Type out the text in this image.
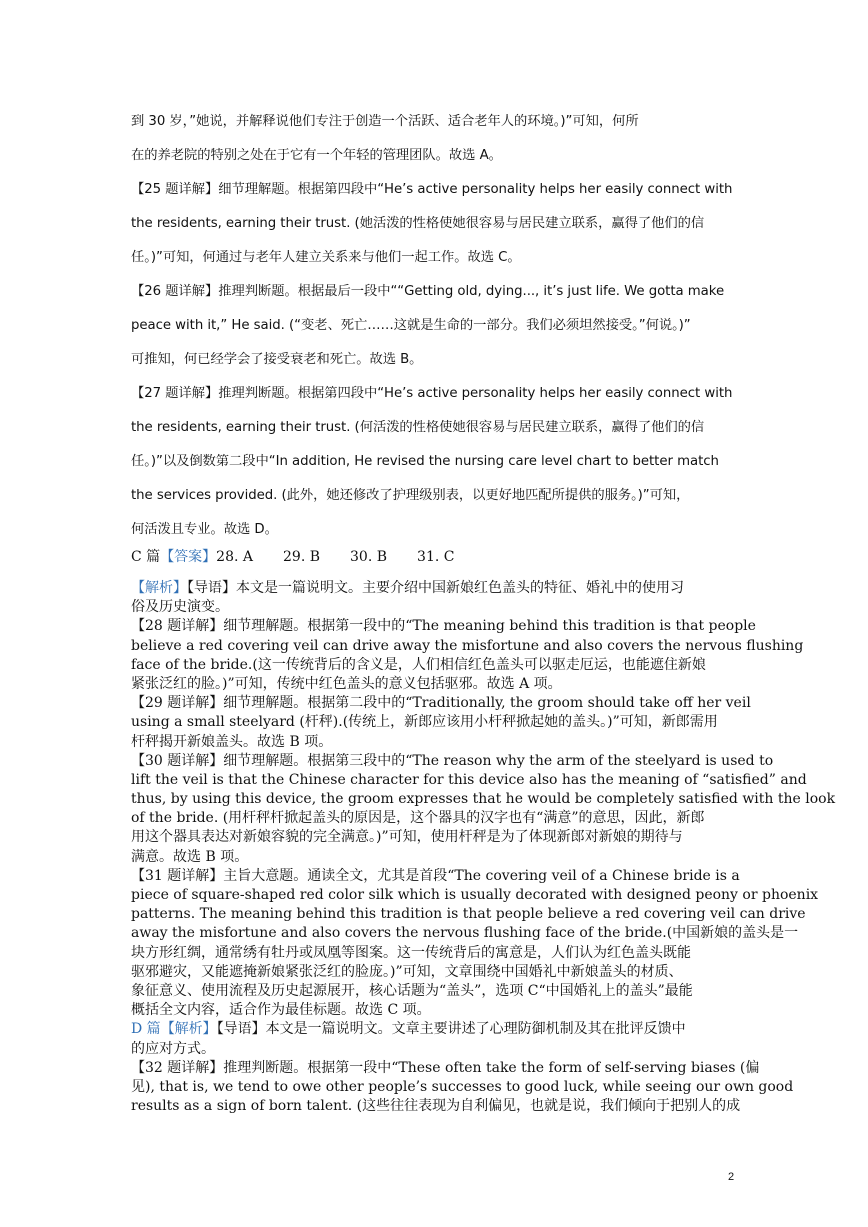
到 30 岁，”她说，并解释说他们专注于创造一个活跃、适合老年人的环境。)”可知，何所
在的养老院的特别之处在于它有一个年轻的管理团队。故选 A。
【25 题详解】细节理解题。根据第四段中“He’s active personality helps her easily connect with
the residents, earning their trust. (她活泼的性格使她很容易与居民建立联系，赢得了他们的信
任。)”可知，何通过与老年人建立关系来与他们一起工作。故选 C。
【26 题详解】推理判断题。根据最后一段中““Getting old, dying..., it’s just life. We gotta make
peace with it,” He said. (“变老、死亡……这就是生命的一部分。我们必须坦然接受。”何说。)”
可推知，何已经学会了接受衰老和死亡。故选 B。
【27 题详解】推理判断题。根据第四段中“He’s active personality helps her easily connect with
the residents, earning their trust. (何活泼的性格使她很容易与居民建立联系，赢得了他们的信
任。)”以及倒数第二段中“In addition, He revised the nursing care level chart to better match
the services provided. (此外，她还修改了护理级别表，以更好地匹配所提供的服务。)”可知，
何活泼且专业。故选 D。
C 篇【答案】28. A 29. B 30. B 31. C
【解析】【导语】本文是一篇说明文。主要介绍中国新娘红色盖头的特征、婚礼中的使用习
俗及历史演变。
【28 题详解】细节理解题。根据第一段中的“The meaning behind this tradition is that people
believe a red covering veil can drive away the misfortune and also covers the nervous flushing
face of the bride.(这一传统背后的含义是，人们相信红色盖头可以驱走厄运，也能遮住新娘
紧张泛红的脸。)”可知，传统中红色盖头的意义包括驱邪。故选 A 项。
【29 题详解】细节理解题。根据第二段中的“Traditionally, the groom should take off her veil
using a small steelyard (杆秤).(传统上，新郎应该用小杆秤掀起她的盖头。)”可知，新郎需用
杆秤揭开新娘盖头。故选 B 项。
【30 题详解】细节理解题。根据第三段中的“The reason why the arm of the steelyard is used to
lift the veil is that the Chinese character for this device also has the meaning of “satisfied” and
thus, by using this device, the groom expresses that he would be completely satisfied with the look
of the bride. (用杆秤杆掀起盖头的原因是，这个器具的汉字也有“满意”的意思，因此，新郎
用这个器具表达对新娘容貌的完全满意。)”可知，使用杆秤是为了体现新郎对新娘的期待与
满意。故选 B 项。
【31 题详解】主旨大意题。通读全文，尤其是首段“The covering veil of a Chinese bride is a
piece of square-shaped red color silk which is usually decorated with designed peony or phoenix
patterns. The meaning behind this tradition is that people believe a red covering veil can drive
away the misfortune and also covers the nervous flushing face of the bride.(中国新娘的盖头是一
块方形红绸，通常绣有牡丹或凤凰等图案。这一传统背后的寓意是，人们认为红色盖头既能
驱邪避灾，又能遮掩新娘紧张泛红的脸庞。)”可知，文章围绕中国婚礼中新娘盖头的材质、
象征意义、使用流程及历史起源展开，核心话题为“盖头”，选项 C“中国婚礼上的盖头”最能
概括全文内容，适合作为最佳标题。故选 C 项。
D 篇【解析】【导语】本文是一篇说明文。文章主要讲述了心理防御机制及其在批评反馈中
的应对方式。
【32 题详解】推理判断题。根据第一段中“These often take the form of self-serving biases (偏
见), that is, we tend to owe other people’s successes to good luck, while seeing our own good
results as a sign of born talent. (这些往往表现为自利偏见，也就是说，我们倾向于把别人的成
2
